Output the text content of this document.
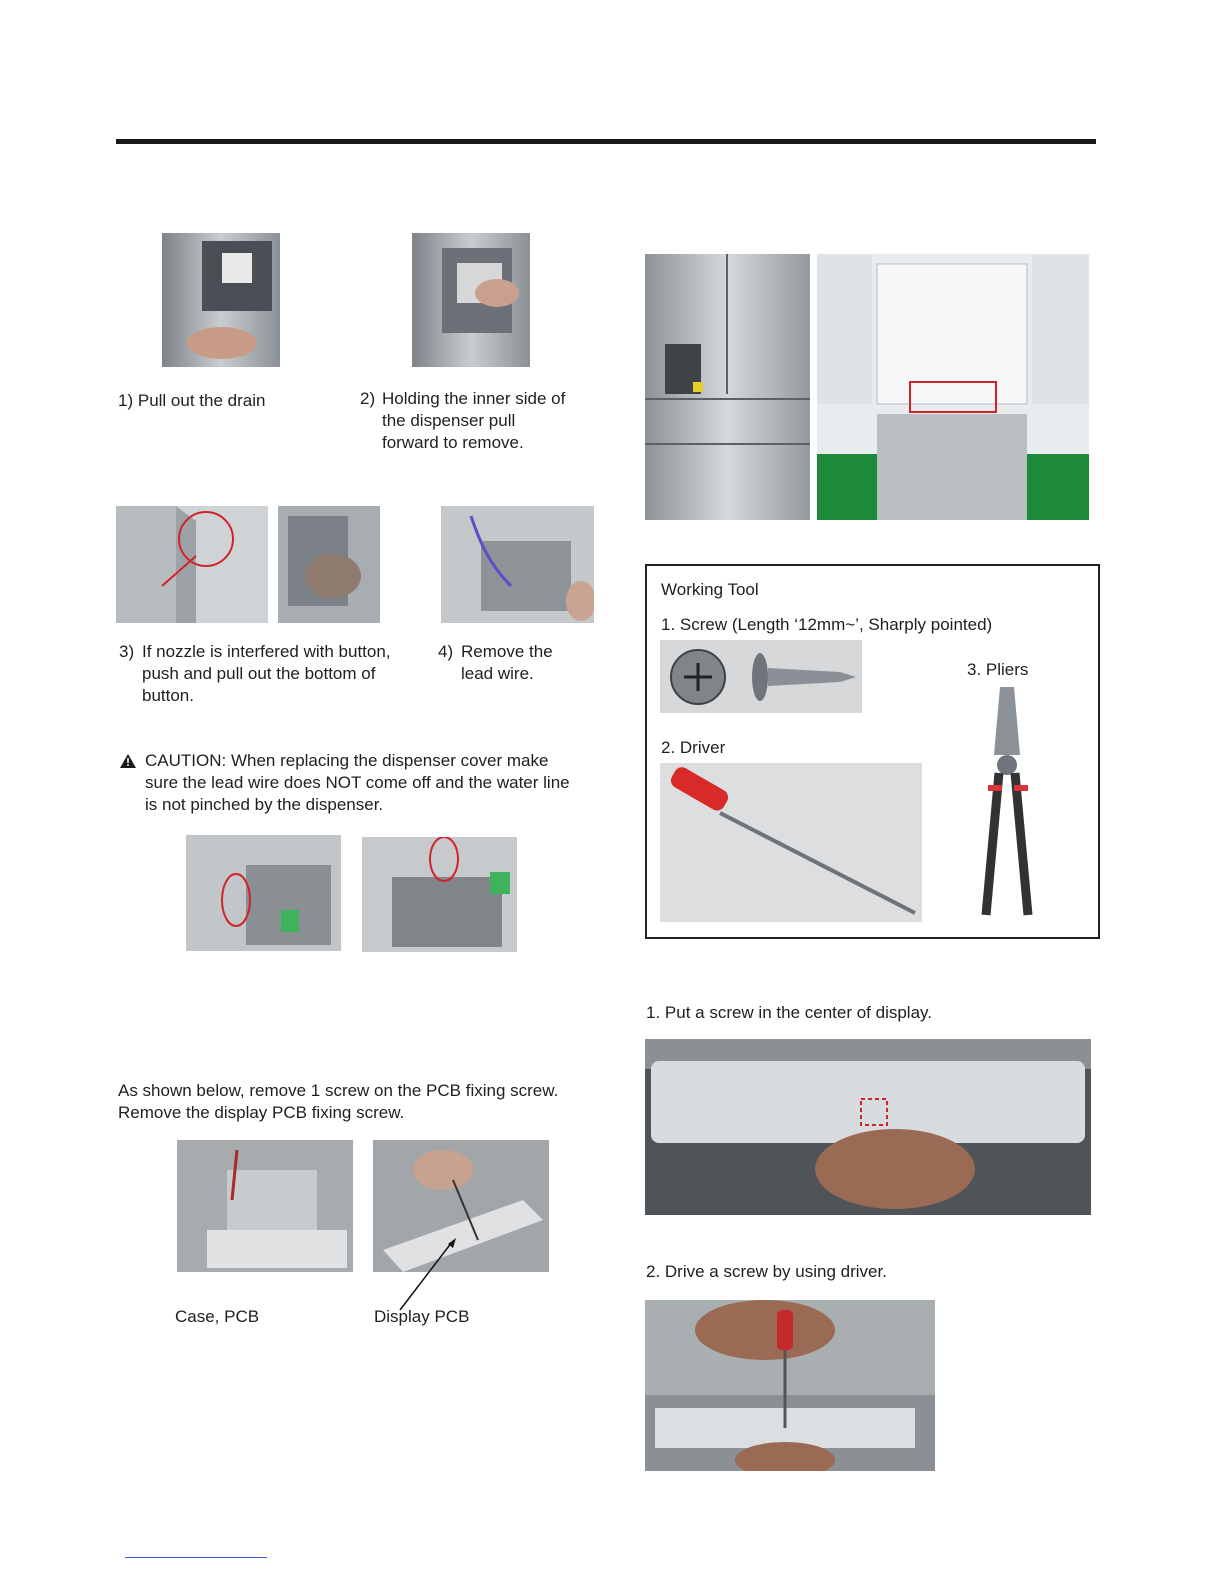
1) Pull out the drain	2) Holding the inner side of
the dispenser pull
forward to remove.
3) If nozzle is interfered with button,
push and pull out the bottom of
button.
4) Remove the
lead wire.
CAUTION: When replacing the dispenser cover make
sure the lead wire does NOT come off and the water line
is not pinched by the dispenser.
As shown below, remove 1 screw on the PCB fixing screw.
Remove the display PCB fixing screw.
Case, PCB	Display PCB
Working Tool
1. Screw (Length ‘12mm~’, Sharply pointed)
3. Pliers
2. Driver
1. Put a screw in the center of display.
2. Drive a screw by using driver.
